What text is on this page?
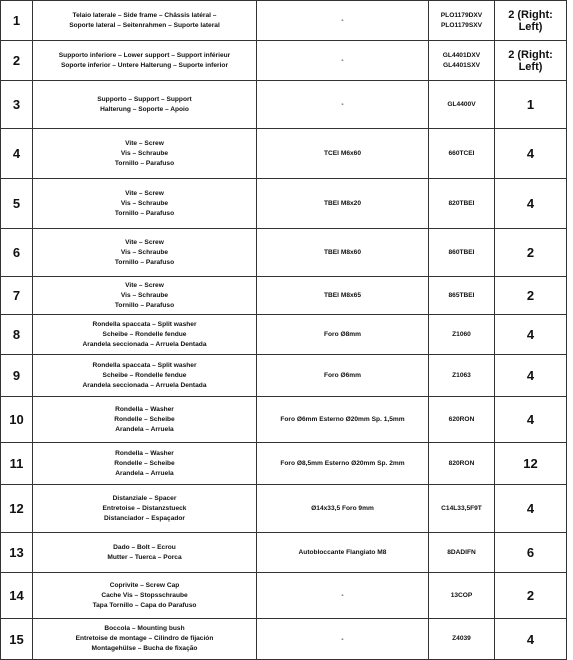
1	Telaio laterale – Side frame – Châssis latéral –
Soporte lateral – Seitenrahmen – Suporte lateral	-	PLO1179DXV
PLO1179SXV	2 (Right: Left)
2	Supporto inferiore – Lower support – Support inférieur
Soporte inferior – Untere Halterung – Suporte inferior	-	GL4401DXV
GL4401SXV	2 (Right: Left)
3	Supporto – Support – Support
Halterung – Soporte – Apoio	-	GL4400V	1
4	Vite – Screw
Vis – Schraube
Tornillo – Parafuso	TCEI M6x60	660TCEI	4
5	Vite – Screw
Vis – Schraube
Tornillo – Parafuso	TBEI M8x20	820TBEI	4
6	Vite – Screw
Vis – Schraube
Tornillo – Parafuso	TBEI M8x60	860TBEI	2
7	Vite – Screw
Vis – Schraube
Tornillo – Parafuso	TBEI M8x65	865TBEI	2
8	Rondella spaccata – Split washer
Scheibe – Rondelle fendue
Arandela seccionada – Arruela Dentada	Foro Ø8mm	Z1060	4
9	Rondella spaccata – Split washer
Scheibe – Rondelle fendue
Arandela seccionada – Arruela Dentada	Foro Ø6mm	Z1063	4
10	Rondella – Washer
Rondelle – Scheibe
Arandela – Arruela	Foro Ø6mm Esterno Ø20mm Sp. 1,5mm	620RON	4
11	Rondella – Washer
Rondelle – Scheibe
Arandela – Arruela	Foro Ø8,5mm Esterno Ø20mm Sp. 2mm	820RON	12
12	Distanziale – Spacer
Entretoise – Distanzstueck
Distanciador – Espaçador	Ø14x33,5 Foro 9mm	C14L33,5F9T	4
13	Dado – Bolt – Ecrou
Mutter – Tuerca – Porca	Autobloccante Flangiato M8	8DADIFN	6
14	Coprivite – Screw Cap
Cache Vis – Stopsschraube
Tapa Tornillo – Capa do Parafuso	-	13COP	2
15	Boccola – Mounting bush
Entretoise de montage – Cilindro de fijación
Montagehülse – Bucha de fixação	-	Z4039	4
